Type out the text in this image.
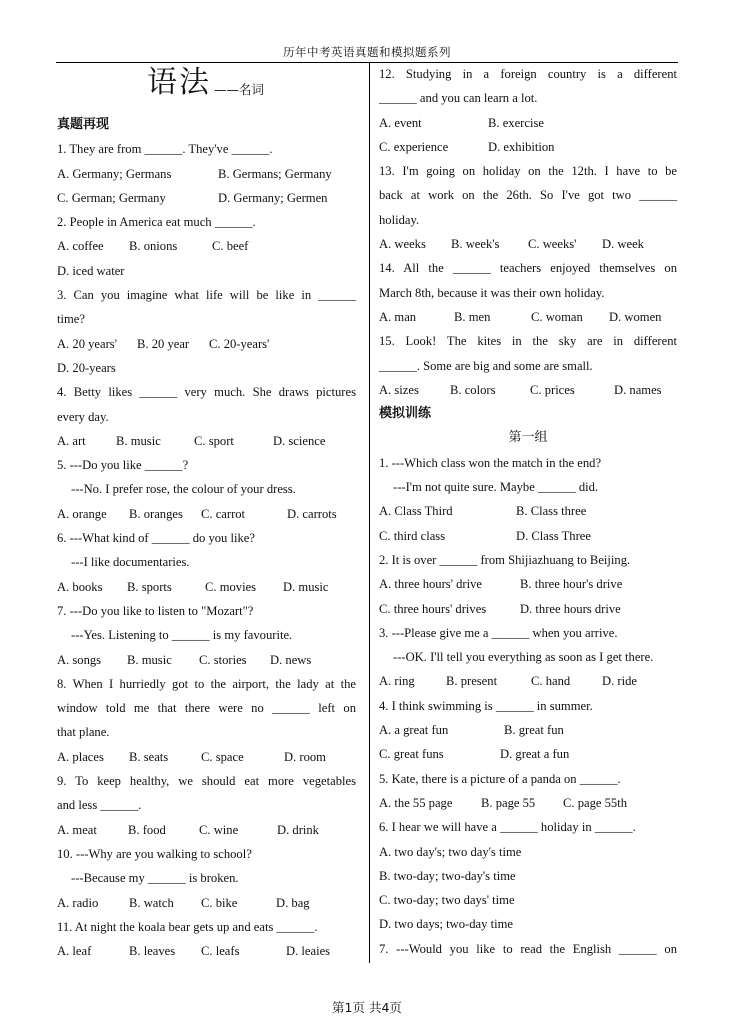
历年中考英语真题和模拟题系列
语法 ——名词
真题再现
1. They are from ______. They've ______.
A. Germany; Germans	B. Germans; Germany
C. German; Germany	D. Germany; Germen
2. People in America eat much ______.
A. coffee	B. onions	C. beef
D. iced water
3. Can you imagine what life will be like in ______
time?
A. 20 years'	B. 20 year	C. 20-years'
D. 20-years
4. Betty likes ______ very much. She draws pictures
every day.
A. art	B. music	C. sport	D. science
5. ---Do you like ______?
---No. I prefer rose, the colour of your dress.
A. orange	B. oranges	C. carrot	D. carrots
6. ---What kind of ______ do you like?
---I like documentaries.
A. books	B. sports	C. movies	D. music
7. ---Do you like to listen to "Mozart"?
---Yes. Listening to ______ is my favourite.
A. songs	B. music	C. stories	D. news
8. When I hurriedly got to the airport, the lady at the
window told me that there were no ______ left on
that plane.
A. places	B. seats	C. space	D. room
9. To keep healthy, we should eat more vegetables
and less ______.
A. meat	B. food	C. wine	D. drink
10. ---Why are you walking to school?
---Because my ______ is broken.
A. radio	B. watch	C. bike	D. bag
11. At night the koala bear gets up and eats ______.
A. leaf	B. leaves	C. leafs	D. leaies
12. Studying in a foreign country is a different
______ and you can learn a lot.
A. event	B. exercise
C. experience	D. exhibition
13. I'm going on holiday on the 12th. I have to be
back at work on the 26th. So I've got two ______
holiday.
A. weeks	B. week's	C. weeks'	D. week
14. All the ______ teachers enjoyed themselves on
March 8th, because it was their own holiday.
A. man	B. men	C. woman	D. women
15. Look! The kites in the sky are in different
______. Some are big and some are small.
A. sizes	B. colors	C. prices	D. names
模拟训练
第一组
1. ---Which class won the match in the end?
---I'm not quite sure. Maybe ______ did.
A. Class Third	B. Class three
C. third class	D. Class Three
2. It is over ______ from Shijiazhuang to Beijing.
A. three hours' drive	B. three hour's drive
C. three hours' drives	D. three hours drive
3. ---Please give me a ______ when you arrive.
---OK. I'll tell you everything as soon as I get there.
A. ring	B. present	C. hand	D. ride
4. I think swimming is ______ in summer.
A. a great fun	B. great fun
C. great funs	D. great a fun
5. Kate, there is a picture of a panda on ______.
A. the 55 page	B. page 55	C. page 55th
6. I hear we will have a ______ holiday in ______.
A. two day's; two day's time
B. two-day; two-day's time
C. two-day; two days' time
D. two days; two-day time
7. ---Would you like to read the English ______ on
第1页 共4页
